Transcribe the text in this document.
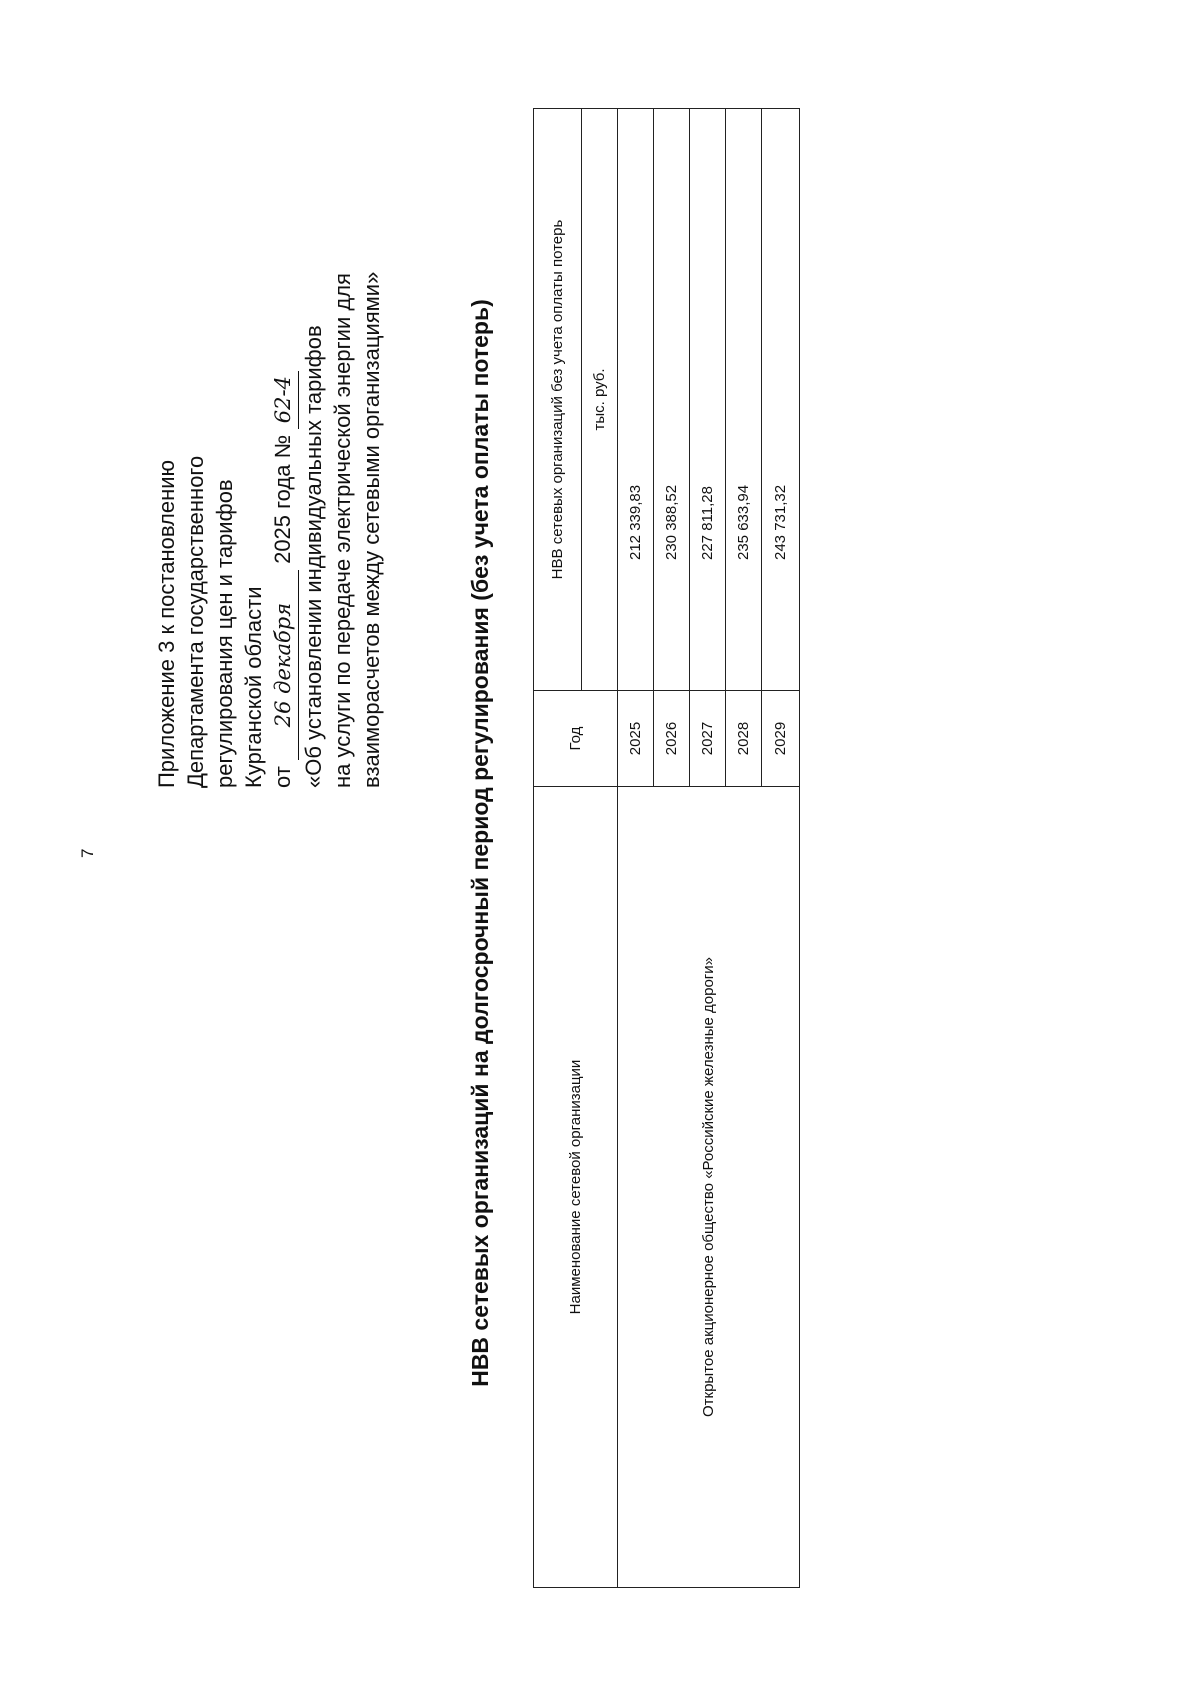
7
Приложение 3 к постановлению Департамента государственного регулирования цен и тарифов Курганской области от 26 декабря 2025 года № 62-4 «Об установлении индивидуальных тарифов на услуги по передаче электрической энергии для взаиморасчетов между сетевыми организациями»	НВВ сетевых организаций на долгосрочный период регулирования (без учета оплаты потерь)	Наименование сетевой организации	Год	НВВ сетевых организаций без учета оплаты потерь
		тыс. руб.
Открытое акционерное общество «Российские железные дороги»	2025	212 339,83
	2026	230 388,52
	2027	227 811,28
	2028	235 633,94
	2029	243 731,32
